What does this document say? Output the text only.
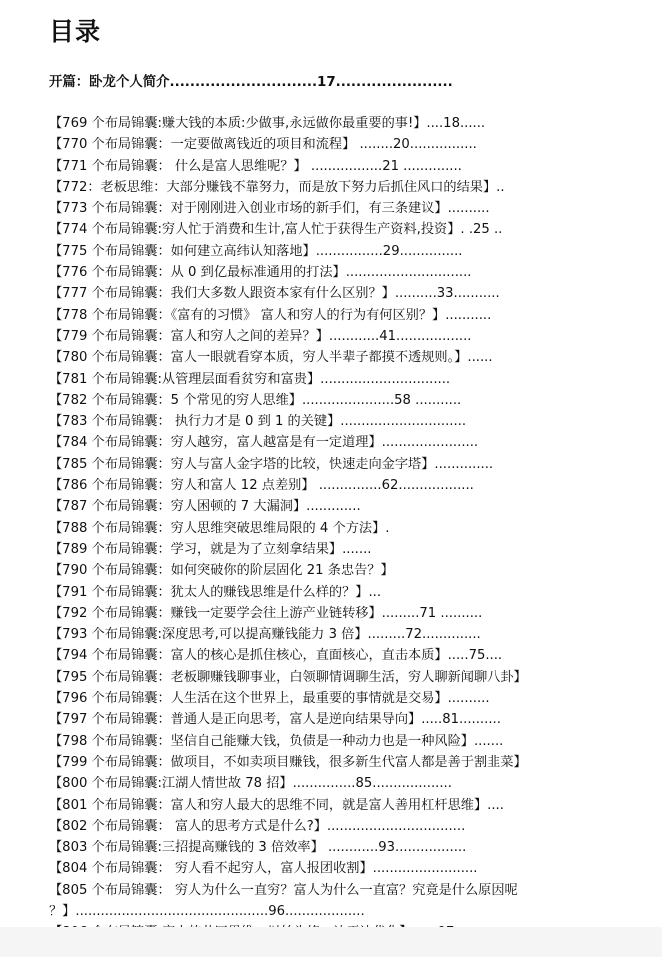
目录
开篇：卧龙个人简介.............................17.......................
【769 个布局锦囊:赚大钱的本质:少做事,永远做你最重要的事!】....18......
【770 个布局锦囊：一定要做离钱近的项目和流程】 ........20................
【771 个布局锦囊： 什么是富人思维呢？】 .................21 ..............
【772：老板思维：大部分赚钱不靠努力，而是放下努力后抓住风口的结果】..
【773 个布局锦囊：对于刚刚进入创业市场的新手们，有三条建议】..........
【774 个布局锦囊:穷人忙于消费和生计,富人忙于获得生产资料,投资】. .25 ..
【775 个布局锦囊：如何建立高纬认知落地】................29...............
【776 个布局锦囊：从 0 到亿最标准通用的打法】..............................
【777 个布局锦囊：我们大多数人跟资本家有什么区别？】..........33...........
【778 个布局锦囊：《富有的习惯》 富人和穷人的行为有何区别？】...........
【779 个布局锦囊：富人和穷人之间的差异？】............41..................
【780 个布局锦囊：富人一眼就看穿本质，穷人半辈子都摸不透规则。】......
【781 个布局锦囊:从管理层面看贫穷和富贵】...............................
【782 个布局锦囊：5 个常见的穷人思维】......................58 ...........
【783 个布局锦囊： 执行力才是 0 到 1 的关键】..............................
【784 个布局锦囊：穷人越穷，富人越富是有一定道理】.......................
【785 个布局锦囊：穷人与富人金字塔的比较，快速走向金字塔】..............
【786 个布局锦囊：穷人和富人 12 点差别】 ...............62..................
【787 个布局锦囊：穷人困顿的 7 大漏洞】.............
【788 个布局锦囊：穷人思维突破思维局限的 4 个方法】.
【789 个布局锦囊：学习，就是为了立刻拿结果】.......
【790 个布局锦囊：如何突破你的阶层固化 21 条忠告？】
【791 个布局锦囊：犹太人的赚钱思维是什么样的？】...
【792 个布局锦囊：赚钱一定要学会往上游产业链转移】.........71 ..........
【793 个布局锦囊:深度思考,可以提高赚钱能力 3 倍】.........72..............
【794 个布局锦囊：富人的核心是抓住核心，直面核心，直击本质】.....75....
【795 个布局锦囊：老板聊赚钱聊事业，白领聊情调聊生活，穷人聊新闻聊八卦】
【796 个布局锦囊：人生活在这个世界上，最重要的事情就是交易】..........
【797 个布局锦囊：普通人是正向思考，富人是逆向结果导向】.....81..........
【798 个布局锦囊：坚信自己能赚大钱，负债是一种动力也是一种风险】.......
【799 个布局锦囊：做项目，不如卖项目赚钱，很多新生代富人都是善于割韭菜】
【800 个布局锦囊:江湖人情世故 78 招】...............85...................
【801 个布局锦囊：富人和穷人最大的思维不同，就是富人善用杠杆思维】....
【802 个布局锦囊： 富人的思考方式是什么?】.................................
【803 个布局锦囊:三招提高赚钱的 3 倍效率】 ............93.................
【804 个布局锦囊： 穷人看不起穷人，富人报团收割】.........................
【805 个布局锦囊： 穷人为什么一直穷？富人为什么一直富？究竟是什么原因呢 ？】..............................................96...................
